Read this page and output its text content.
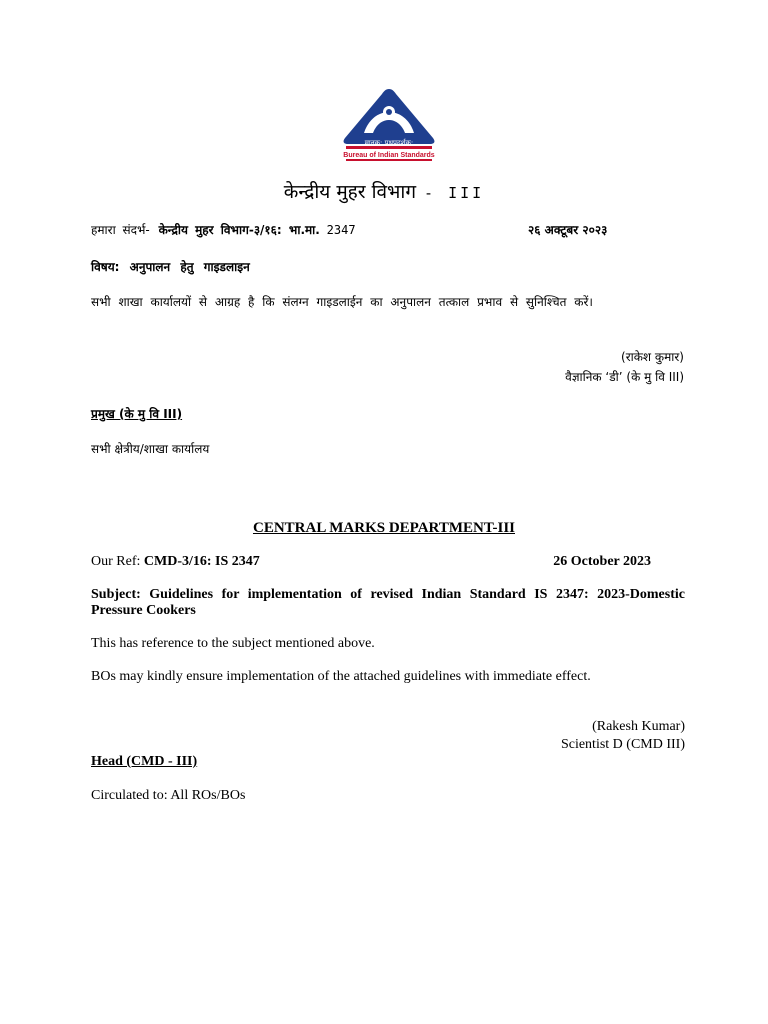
मानक: पथप्रदर्शक:
Bureau of Indian Standards
केन्द्रीय मुहर विभाग - III
हमारा संदर्भ- केन्द्रीय मुहर विभाग-३/१६: भा.मा. 2347	२६ अक्टूबर २०२३
विषय: अनुपालन हेतु गाइडलाइन
सभी शाखा कार्यालयों से आग्रह है कि संलग्न गाइडलाईन का अनुपालन तत्काल प्रभाव से सुनिश्चित करें।
(राकेश कुमार)
वैज्ञानिक ‘डी’ (के मु वि III)
प्रमुख (के मु वि III)
सभी क्षेत्रीय/शाखा कार्यालय
CENTRAL MARKS DEPARTMENT-III
Our Ref: CMD-3/16: IS 2347	26 October 2023
Subject: Guidelines for implementation of revised Indian Standard IS 2347: 2023-Domestic Pressure Cookers
This has reference to the subject mentioned above.
BOs may kindly ensure implementation of the attached guidelines with immediate effect.
(Rakesh Kumar)
Scientist D (CMD III)
Head (CMD - III)
Circulated to: All ROs/BOs
